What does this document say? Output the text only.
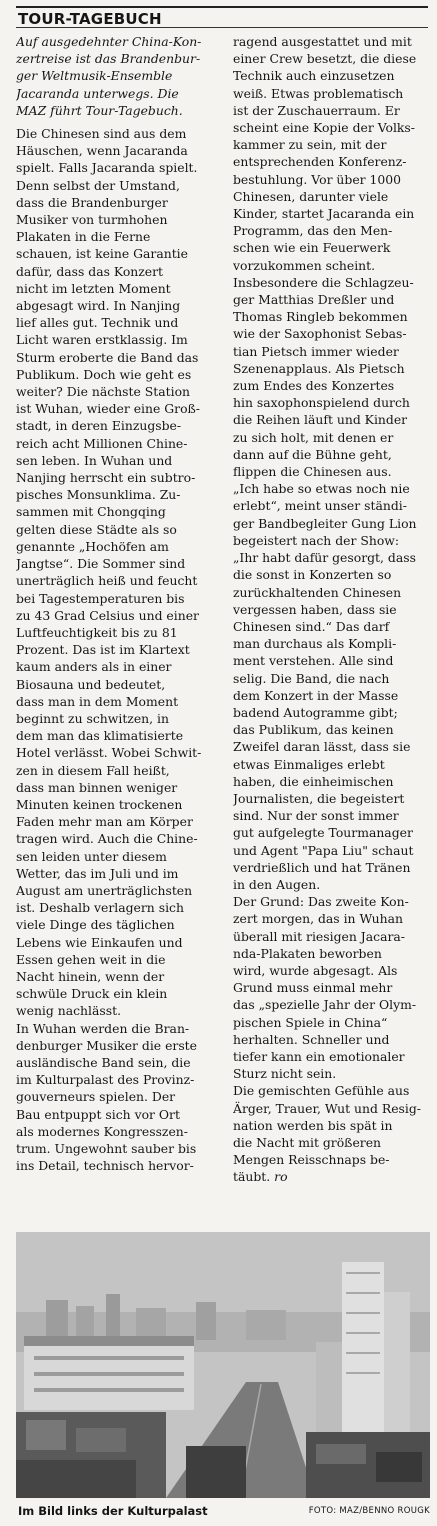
TOUR-TAGEBUCH

Auf ausgedehnter China-Kon-
zertreise ist das Brandenbur-
ger Weltmusik-Ensemble
Jacaranda unterwegs. Die
MAZ führt Tour-Tagebuch.

Die Chinesen sind aus dem
Häuschen, wenn Jacaranda
spielt. Falls Jacaranda spielt.
Denn selbst der Umstand,
dass die Brandenburger
Musiker von turmhohen
Plakaten in die Ferne
schauen, ist keine Garantie
dafür, dass das Konzert
nicht im letzten Moment
abgesagt wird. In Nanjing
lief alles gut. Technik und
Licht waren erstklassig. Im
Sturm eroberte die Band das
Publikum. Doch wie geht es
weiter? Die nächste Station
ist Wuhan, wieder eine Groß-
stadt, in deren Einzugsbe-
reich acht Millionen Chine-
sen leben. In Wuhan und
Nanjing herrscht ein subtro-
pisches Monsunklima. Zu-
sammen mit Chongqing
gelten diese Städte als so
genannte „Hochöfen am
Jangtse“. Die Sommer sind
unerträglich heiß und feucht
bei Tagestemperaturen bis
zu 43 Grad Celsius und einer
Luftfeuchtigkeit bis zu 81
Prozent. Das ist im Klartext
kaum anders als in einer
Biosauna und bedeutet,
dass man in dem Moment
beginnt zu schwitzen, in
dem man das klimatisierte
Hotel verlässt. Wobei Schwit-
zen in diesem Fall heißt,
dass man binnen weniger
Minuten keinen trockenen
Faden mehr man am Körper
tragen wird. Auch die Chine-
sen leiden unter diesem
Wetter, das im Juli und im
August am unerträglichsten
ist. Deshalb verlagern sich
viele Dinge des täglichen
Lebens wie Einkaufen und
Essen gehen weit in die
Nacht hinein, wenn der
schwüle Druck ein klein
wenig nachlässt.

In Wuhan werden die Bran-
denburger Musiker die erste
ausländische Band sein, die
im Kulturpalast des Provinz-
gouverneurs spielen. Der
Bau entpuppt sich vor Ort
als modernes Kongresszen-
trum. Ungewohnt sauber bis
ins Detail, technisch hervor-

ragend ausgestattet und mit
einer Crew besetzt, die diese
Technik auch einzusetzen
weiß. Etwas problematisch
ist der Zuschauerraum. Er
scheint eine Kopie der Volks-
kammer zu sein, mit der
entsprechenden Konferenz-
bestuhlung. Vor über 1000
Chinesen, darunter viele
Kinder, startet Jacaranda ein
Programm, das den Men-
schen wie ein Feuerwerk
vorzukommen scheint.

Insbesondere die Schlagzeu-
ger Matthias Dreßler und
Thomas Ringleb bekommen
wie der Saxophonist Sebas-
tian Pietsch immer wieder
Szenenapplaus. Als Pietsch
zum Endes des Konzertes
hin saxophonspielend durch
die Reihen läuft und Kinder
zu sich holt, mit denen er
dann auf die Bühne geht,
flippen die Chinesen aus.
„Ich habe so etwas noch nie
erlebt“, meint unser ständi-
ger Bandbegleiter Gung Lion
begeistert nach der Show:
„Ihr habt dafür gesorgt, dass
die sonst in Konzerten so
zurückhaltenden Chinesen
vergessen haben, dass sie
Chinesen sind.“ Das darf
man durchaus als Kompli-
ment verstehen. Alle sind
selig. Die Band, die nach
dem Konzert in der Masse
badend Autogramme gibt;
das Publikum, das keinen
Zweifel daran lässt, dass sie
etwas Einmaliges erlebt
haben, die einheimischen
Journalisten, die begeistert
sind. Nur der sonst immer
gut aufgelegte Tourmanager
und Agent "Papa Liu" schaut
verdrießlich und hat Tränen
in den Augen.

Der Grund: Das zweite Kon-
zert morgen, das in Wuhan
überall mit riesigen Jacara-
nda-Plakaten beworben
wird, wurde abgesagt. Als
Grund muss einmal mehr
das „spezielle Jahr der Olym-
pischen Spiele in China“
herhalten. Schneller und
tiefer kann ein emotionaler
Sturz nicht sein.

Die gemischten Gefühle aus
Ärger, Trauer, Wut und Resig-
nation werden bis spät in
die Nacht mit größeren
Mengen Reisschnaps be-
täubt. ro

Im Bild links der Kulturpalast	FOTO: MAZ/BENNO ROUGK
